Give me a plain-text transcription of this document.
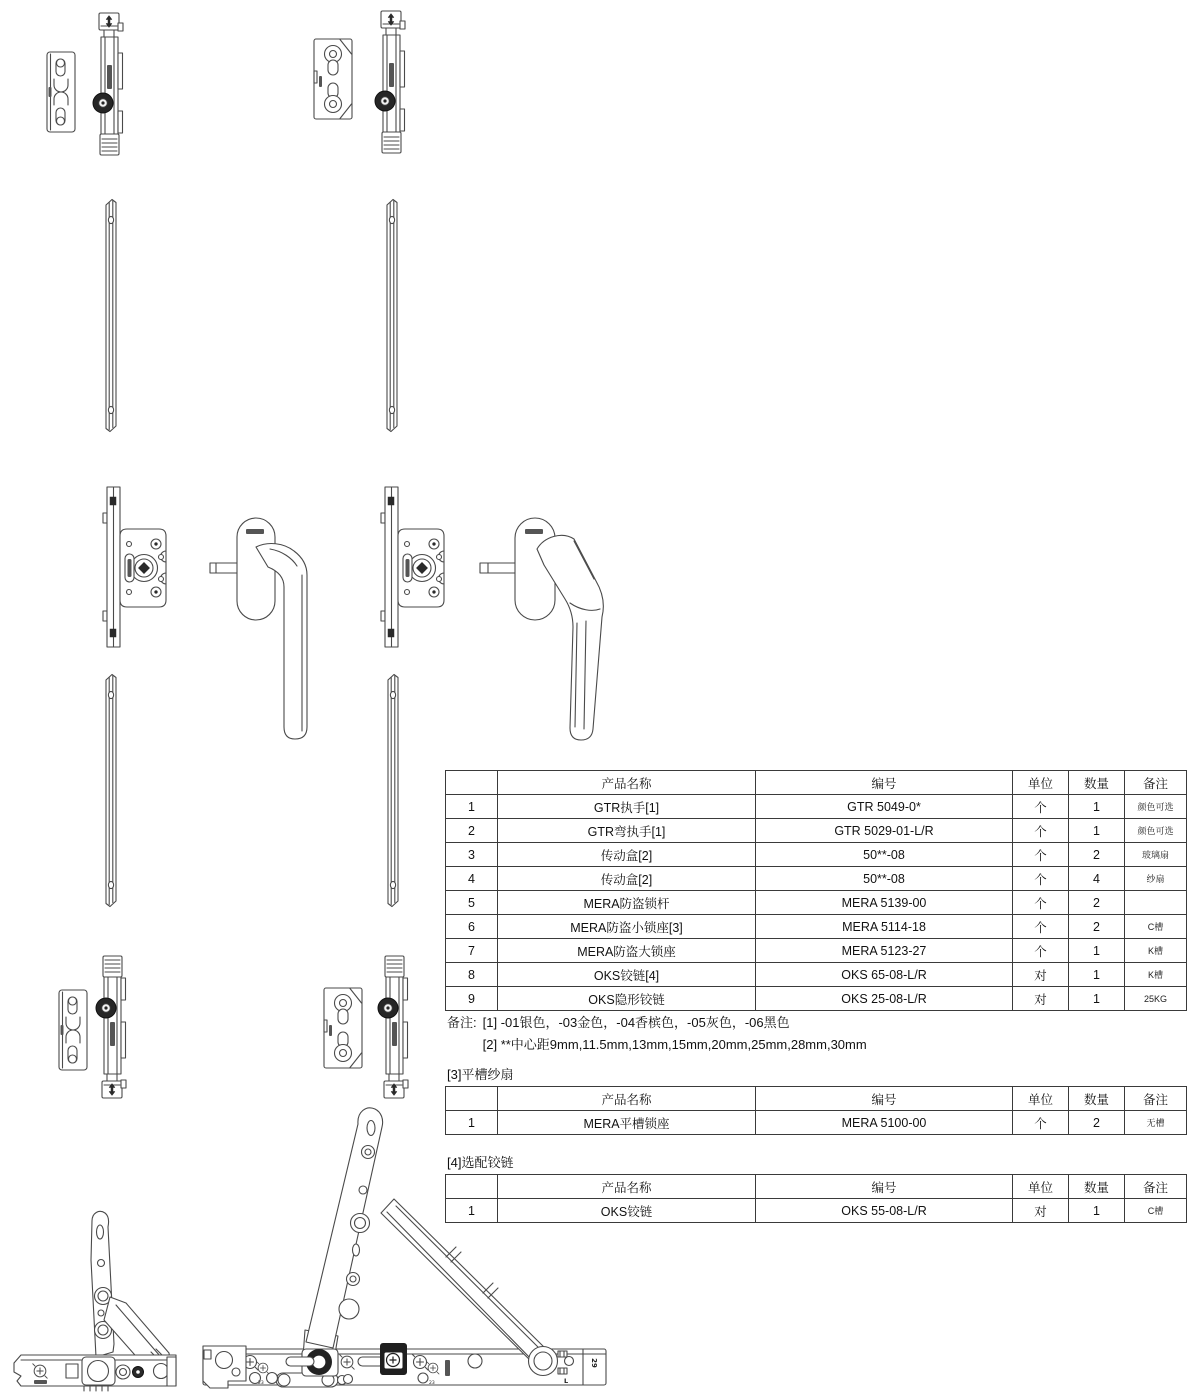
L
29
23	23
	产品名称	编号	单位	数量	备注
1	GTR执手[1]	GTR 5049-0*	个	1	颜色可选
2	GTR弯执手[1]	GTR 5029-01-L/R	个	1	颜色可选
3	传动盒[2]	50**-08	个	2	玻璃扇
4	传动盒[2]	50**-08	个	4	纱扇
5	MERA防盗锁杆	MERA 5139-00	个	2	
6	MERA防盗小锁座[3]	MERA 5114-18	个	2	C槽
7	MERA防盗大锁座	MERA 5123-27	个	1	K槽
8	OKS铰链[4]	OKS 65-08-L/R	对	1	K槽
9	OKS隐形铰链	OKS 25-08-L/R	对	1	25KG
备注: [1] -01银色，-03金色，-04香槟色，-05灰色，-06黑色
[2] **中心距9mm,11.5mm,13mm,15mm,20mm,25mm,28mm,30mm
[3]平槽纱扇
	产品名称	编号	单位	数量	备注
1	MERA平槽锁座	MERA 5100-00	个	2	无槽
[4]选配铰链
	产品名称	编号	单位	数量	备注
1	OKS铰链	OKS 55-08-L/R	对	1	C槽
